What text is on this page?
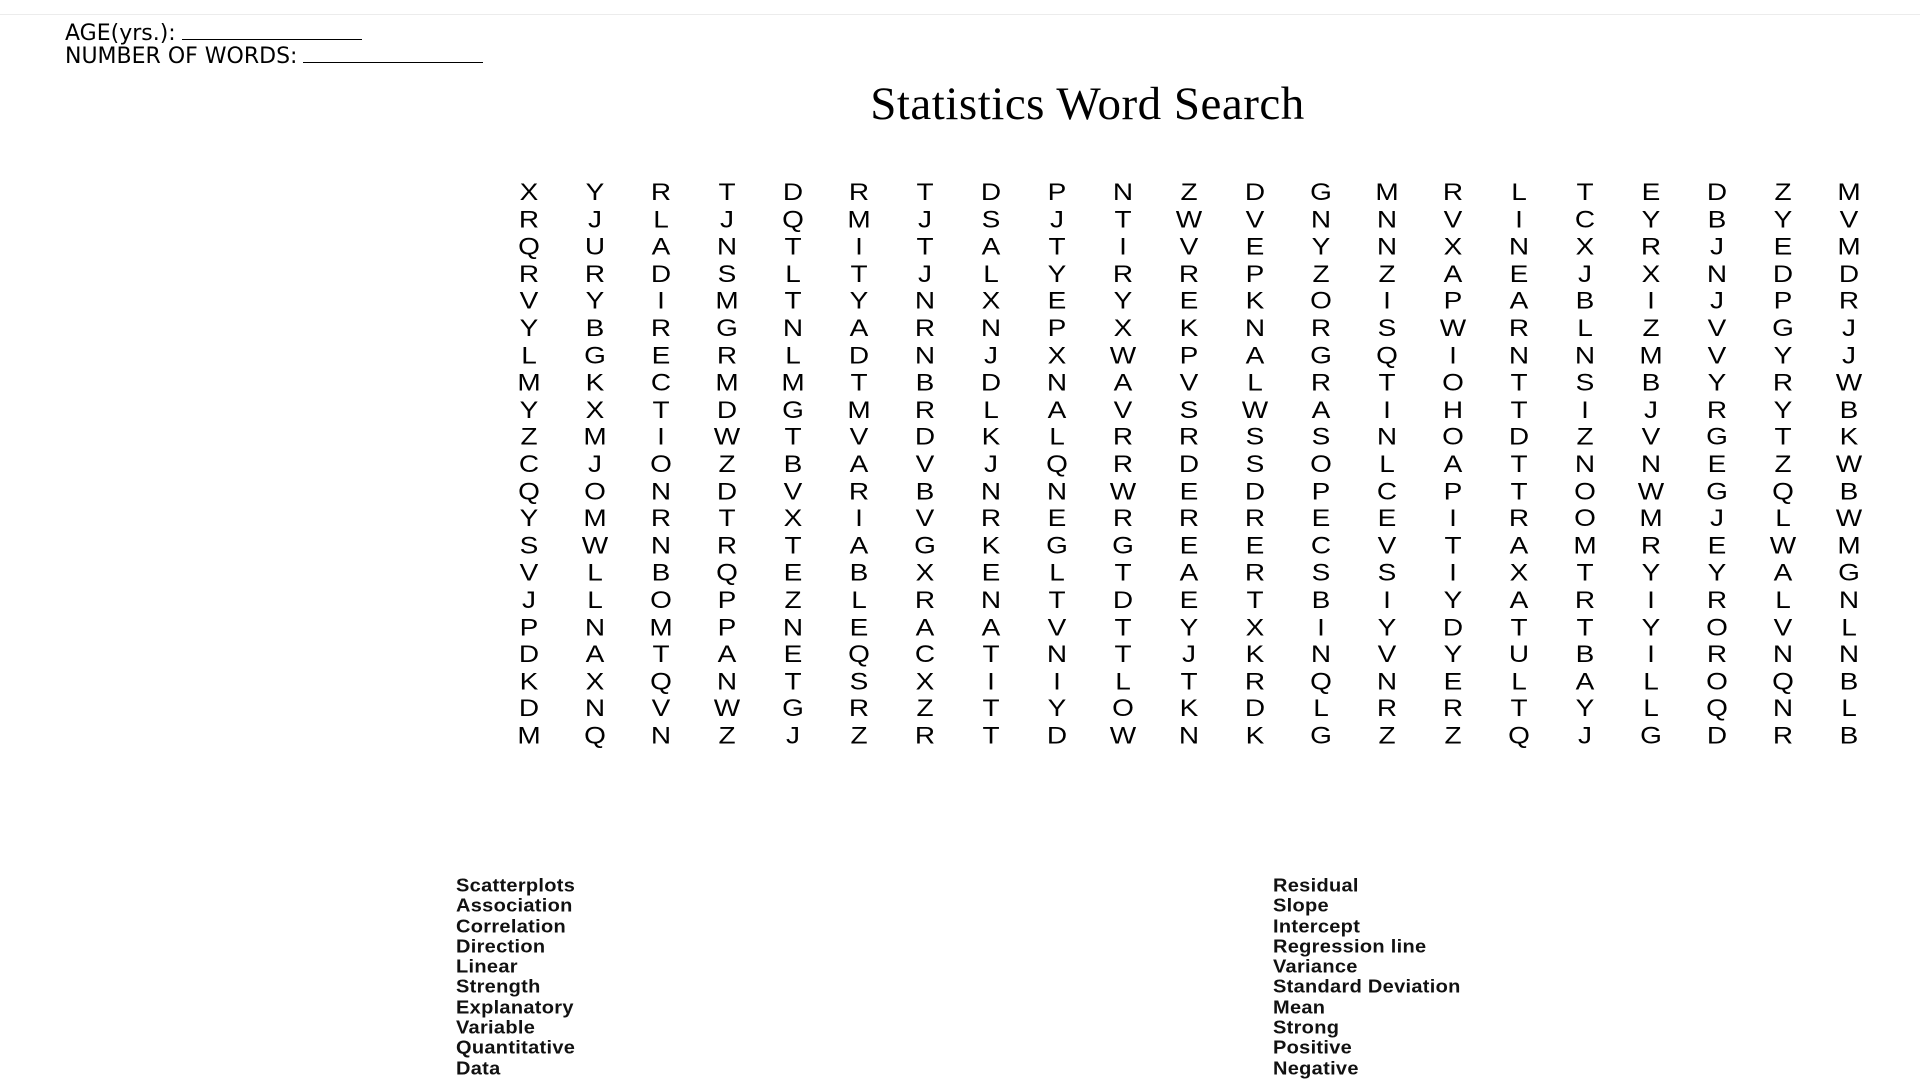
AGE(yrs.):
NUMBER OF WORDS:
Statistics Word Search
X	Y	R	T	D	R	T	D	P	N	Z	D	G	M	R	L	T	E	D	Z	M
R	J	L	J	Q	M	J	S	J	T	W	V	N	N	V	I	C	Y	B	Y	V
Q	U	A	N	T	I	T	A	T	I	V	E	Y	N	X	N	X	R	J	E	M
R	R	D	S	L	T	J	L	Y	R	R	P	Z	Z	A	E	J	X	N	D	D
V	Y	I	M	T	Y	N	X	E	Y	E	K	O	I	P	A	B	I	J	P	R
Y	B	R	G	N	A	R	N	P	X	K	N	R	S	W	R	L	Z	V	G	J
L	G	E	R	L	D	N	J	X	W	P	A	G	Q	I	N	N	M	V	Y	J
M	K	C	M	M	T	B	D	N	A	V	L	R	T	O	T	S	B	Y	R	W
Y	X	T	D	G	M	R	L	A	V	S	W	A	I	H	T	I	J	R	Y	B
Z	M	I	W	T	V	D	K	L	R	R	S	S	N	O	D	Z	V	G	T	K
C	J	O	Z	B	A	V	J	Q	R	D	S	O	L	A	T	N	N	E	Z	W
Q	O	N	D	V	R	B	N	N	W	E	D	P	C	P	T	O	W	G	Q	B
Y	M	R	T	X	I	V	R	E	R	R	R	E	E	I	R	O	M	J	L	W
S	W	N	R	T	A	G	K	G	G	E	E	C	V	T	A	M	R	E	W	M
V	L	B	Q	E	B	X	E	L	T	A	R	S	S	I	X	T	Y	Y	A	G
J	L	O	P	Z	L	R	N	T	D	E	T	B	I	Y	A	R	I	R	L	N
P	N	M	P	N	E	A	A	V	T	Y	X	I	Y	D	T	T	Y	O	V	L
D	A	T	A	E	Q	C	T	N	T	J	K	N	V	Y	U	B	I	R	N	N
K	X	Q	N	T	S	X	I	I	L	T	R	Q	N	E	L	A	L	O	Q	B
D	N	V	W	G	R	Z	T	Y	O	K	D	L	R	R	T	Y	L	Q	N	L
M	Q	N	Z	J	Z	R	T	D	W	N	K	G	Z	Z	Q	J	G	D	R	B
Scatterplots
Association
Correlation
Direction
Linear
Strength
Explanatory
Variable
Quantitative
Data
Residual
Slope
Intercept
Regression line
Variance
Standard Deviation
Mean
Strong
Positive
Negative
